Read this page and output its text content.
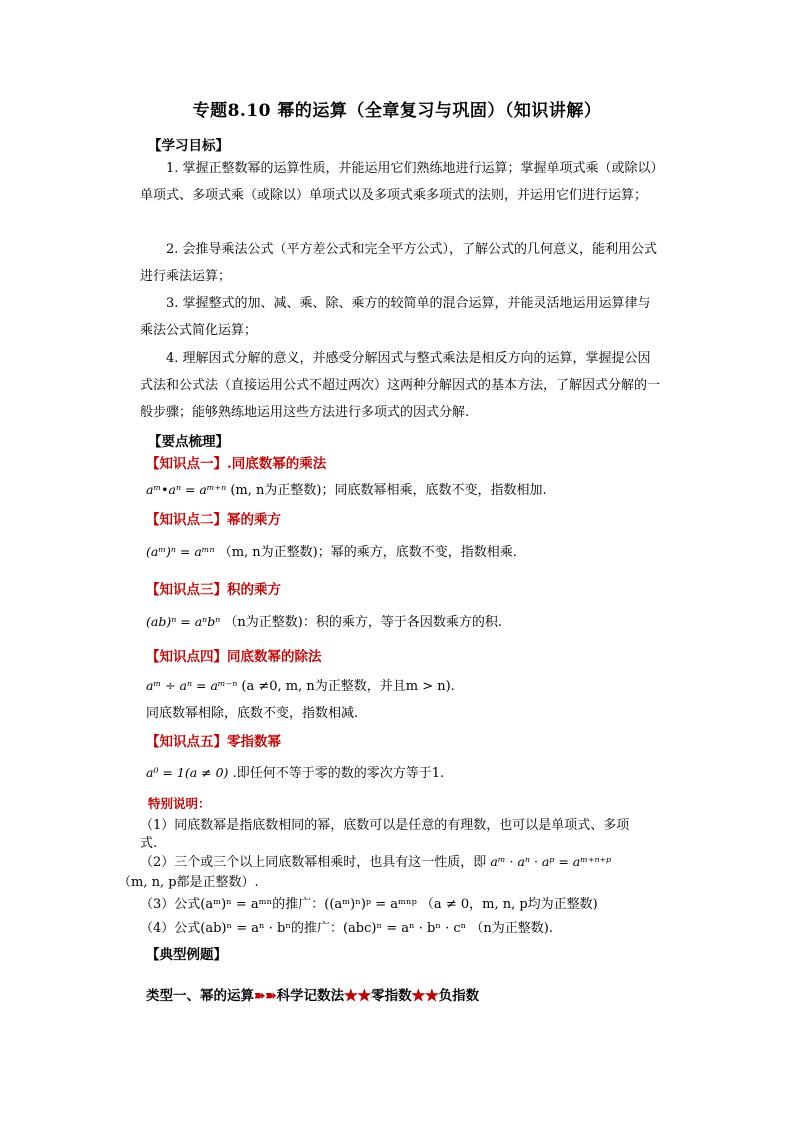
专题8.10 幂的运算（全章复习与巩固）（知识讲解）
【学习目标】
1. 掌握正整数幂的运算性质，并能运用它们熟练地进行运算；掌握单项式乘（或除以）单项式、多项式乘（或除以）单项式以及多项式乘多项式的法则，并运用它们进行运算；
2. 会推导乘法公式（平方差公式和完全平方公式），了解公式的几何意义，能利用公式进行乘法运算；
3. 掌握整式的加、减、乘、除、乘方的较简单的混合运算，并能灵活地运用运算律与乘法公式简化运算；
4. 理解因式分解的意义，并感受分解因式与整式乘法是相反方向的运算，掌握提公因式法和公式法（直接运用公式不超过两次）这两种分解因式的基本方法，了解因式分解的一般步骤；能够熟练地运用这些方法进行多项式的因式分解.
【要点梳理】
【知识点一】.同底数幂的乘法
aᵐ•aⁿ = aᵐ⁺ⁿ (m, n为正整数)；同底数幂相乘，底数不变，指数相加.
【知识点二】幂的乘方
(aᵐ)ⁿ = aᵐⁿ （m, n为正整数)；幂的乘方，底数不变，指数相乘.
【知识点三】积的乘方
(ab)ⁿ = aⁿbⁿ （n为正整数)：积的乘方，等于各因数乘方的积.
【知识点四】同底数幂的除法
aᵐ ÷ aⁿ = aᵐ⁻ⁿ (a ≠0, m, n为正整数，并且m > n).
同底数幂相除，底数不变，指数相减.
【知识点五】零指数幂
a⁰ = 1(a ≠ 0) .即任何不等于零的数的零次方等于1.
特别说明：
（1）同底数幂是指底数相同的幂，底数可以是任意的有理数，也可以是单项式、多项
式.
（2）三个或三个以上同底数幂相乘时，也具有这一性质，即 aᵐ · aⁿ · aᵖ = aᵐ⁺ⁿ⁺ᵖ
（m, n, p都是正整数）.
（3）公式(aᵐ)ⁿ = aᵐⁿ的推广：((aᵐ)ⁿ)ᵖ = aᵐⁿᵖ （a ≠ 0，m, n, p均为正整数)
（4）公式(ab)ⁿ = aⁿ · bⁿ的推广：(abc)ⁿ = aⁿ · bⁿ · cⁿ （n为正整数).
【典型例题】
类型一、幂的运算➽➽科学记数法★★零指数★★负指数
